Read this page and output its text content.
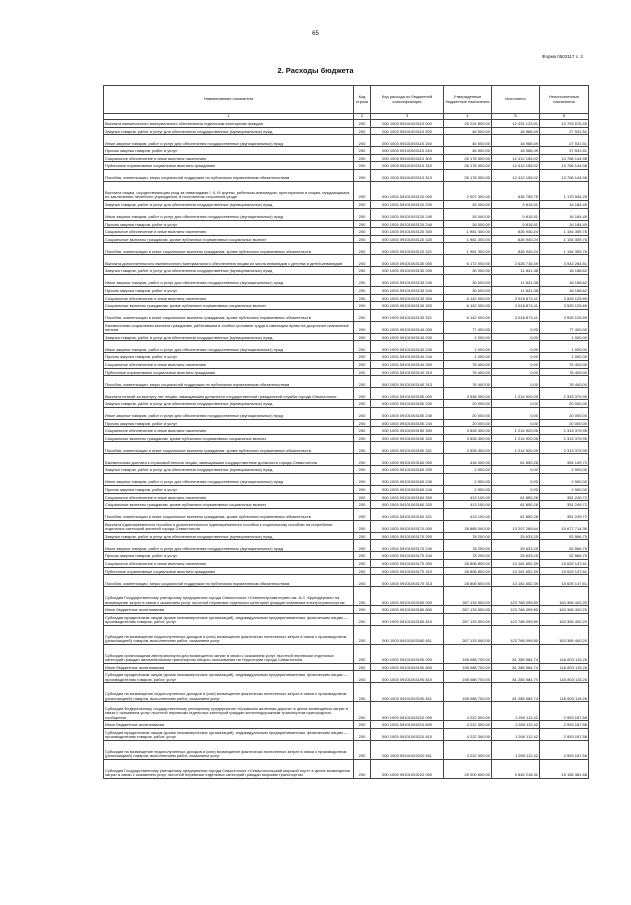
65
Форма 0503117 с. 2
2. Расходы бюджета
Наименование показателя	Код строки	Код расхода по бюджетной классификации	Утвержденные бюджетные назначения	Исполнено	Неисполненные назначения
1	2	3	4	5	6
Выплата ежемесячного материального обеспечения отдельным категориям граждан	200	000 1003 09101003110 000	26 224 800,00	12 431 123,51	13 793 676,49
Закупка товаров, работ и услуг для обеспечения государственных (муниципальных) нужд	200	000 1003 09101003110 200	46 500,00	18 968,49	27 531,51
Иные закупки товаров, работ и услуг для обеспечения государственных (муниципальных) нужд	200	000 1003 09101003110 240	46 500,00	18 968,49	27 531,51
Прочая закупка товаров, работ и услуг	200	000 1003 09101003110 244	46 500,00	18 968,49	27 531,51
Социальное обеспечение и иные выплаты населению	200	000 1003 09101003110 300	26 178 300,00	12 412 155,02	13 766 144,98
Публичные нормативные социальные выплаты гражданам	200	000 1003 09101003110 310	26 178 300,00	12 412 155,02	13 766 144,98
Пособия, компенсации, меры социальной поддержки по публичным нормативным обязательствам	200	000 1003 09101003110 313	26 178 300,00	12 412 155,02	13 766 144,98
Выплата лицам, осуществляющим уход за инвалидами I, II, III группы, ребенком-инвалидом, престарелым и лицам, нуждающимся, по заключению лечебного учреждения, в постоянном стороннем уходе	200	000 1003 09101003120 000	2 007 300,00	836 755,75	1 170 544,25
Закупка товаров, работ и услуг для обеспечения государственных (муниципальных) нужд	200	000 1003 09101003120 200	26 000,00	9 815,51	16 184,49
Иные закупки товаров, работ и услуг для обеспечения государственных (муниципальных) нужд	200	000 1003 09101003120 240	26 000,00	9 815,51	16 184,49
Прочая закупка товаров, работ и услуг	200	000 1003 09101003120 244	26 000,00	9 815,51	16 184,49
Социальное обеспечение и иные выплаты населению	200	000 1003 09101003120 300	1 981 300,00	826 940,24	1 154 359,76
Социальные выплаты гражданам, кроме публичных нормативных социальных выплат	200	000 1003 09101003120 320	1 981 300,00	826 940,24	1 154 359,76
Пособия, компенсации и иные социальные выплаты гражданам, кроме публичных нормативных обязательств	200	000 1003 09101003120 321	1 981 300,00	826 940,24	1 154 359,76
Выплата дополнительного ежемесячного материального обеспечения лицам из числа инвалидов с детства и детей-инвалидов	200	000 1003 09101003130 000	6 172 000,00	2 628 715,49	3 543 284,51
Закупка товаров, работ и услуг для обеспечения государственных (муниципальных) нужд	200	000 1003 09101003130 200	30 000,00	11 841,38	18 158,62
Иные закупки товаров, работ и услуг для обеспечения государственных (муниципальных) нужд	200	000 1003 09101003130 240	30 000,00	11 841,38	18 158,62
Прочая закупка товаров, работ и услуг	200	000 1003 09101003130 244	30 000,00	11 841,38	18 158,62
Социальное обеспечение и иные выплаты населению	200	000 1003 09101003130 300	6 142 000,00	2 616 874,11	3 525 125,89
Социальные выплаты гражданам, кроме публичных нормативных социальных выплат	200	000 1003 09101003130 320	6 142 000,00	2 616 874,11	3 525 125,89
Пособия, компенсации и иные социальные выплаты гражданам, кроме публичных нормативных обязательств	200	000 1003 09101003130 321	6 142 000,00	2 616 874,11	3 525 125,89
Ежемесячная социальная выплата гражданам, работавшим в особых условиях труда и имеющим право на досрочное назначение пенсии	200	000 1003 09101003140 000	77 400,00	0,00	77 400,00
Закупка товаров, работ и услуг для обеспечения государственных (муниципальных) нужд	200	000 1003 09101003140 200	1 000,00	0,00	1 000,00
Иные закупки товаров, работ и услуг для обеспечения государственных (муниципальных) нужд	200	000 1003 09101003140 240	1 000,00	0,00	1 000,00
Прочая закупка товаров, работ и услуг	200	000 1003 09101003140 244	1 000,00	0,00	1 000,00
Социальное обеспечение и иные выплаты населению	200	000 1003 09101003140 300	76 400,00	0,00	76 400,00
Публичные нормативные социальные выплаты гражданам	200	000 1003 09101003140 310	76 400,00	0,00	76 400,00
Пособия, компенсации, меры социальной поддержки по публичным нормативным обязательствам	200	000 1003 09101003140 313	76 400,00	0,00	76 400,00
Выплата пенсий за выслугу лет лицам, замещавшим должности государственной гражданской службы города Севастополя	200	000 1003 09101003150 000	3 548 300,00	1 214 920,05	2 333 379,95
Закупка товаров, работ и услуг для обеспечения государственных (муниципальных) нужд	200	000 1003 09101003150 200	20 000,00	0,00	20 000,00
Иные закупки товаров, работ и услуг для обеспечения государственных (муниципальных) нужд	200	000 1003 09101003150 240	20 000,00	0,00	20 000,00
Прочая закупка товаров, работ и услуг	200	000 1003 09101003150 244	20 000,00	0,00	20 000,00
Социальное обеспечение и иные выплаты населению	200	000 1003 09101003150 300	3 528 300,00	1 214 920,05	2 313 379,95
Социальные выплаты гражданам, кроме публичных нормативных социальных выплат	200	000 1003 09101003150 320	3 528 300,00	1 214 920,05	2 313 379,95
Пособия, компенсации и иные социальные выплаты гражданам, кроме публичных нормативных обязательств	200	000 1003 09101003150 321	3 528 300,00	1 214 920,05	2 313 379,95
Ежемесячная доплата к страховой пенсии лицам, замещавшим государственные должности города Севастополя	200	000 1003 09101003160 000	416 000,00	61 850,28	354 149,72
Закупка товаров, работ и услуг для обеспечения государственных (муниципальных) нужд	200	000 1003 09101003160 200	2 900,00	0,00	2 900,00
Иные закупки товаров, работ и услуг для обеспечения государственных (муниципальных) нужд	200	000 1003 09101003160 240	2 900,00	0,00	2 900,00
Прочая закупка товаров, работ и услуг	200	000 1003 09101003160 244	2 900,00	0,00	2 900,00
Социальное обеспечение и иные выплаты населению	200	000 1003 09101003160 300	413 100,00	61 850,28	351 249,72
Социальные выплаты гражданам, кроме публичных нормативных социальных выплат	200	000 1003 09101003160 320	413 100,00	61 850,28	351 249,72
Пособия, компенсации и иные социальные выплаты гражданам, кроме публичных нормативных обязательств	200	000 1003 09101003160 321	413 100,00	61 850,28	351 249,72
Выплата единовременного пособия и дополнительного единовременного пособия к социальному пособию на погребение отдельных категорий жителей города Севастополя	200	000 1003 09101003170 000	28 885 000,00	13 207 285,64	15 677 714,36
Закупка товаров, работ и услуг для обеспечения государственных (муниципальных) нужд	200	000 1003 09101003170 200	78 200,00	25 633,25	52 566,75
Иные закупки товаров, работ и услуг для обеспечения государственных (муниципальных) нужд	200	000 1003 09101003170 240	78 200,00	25 633,25	52 566,75
Прочая закупка товаров, работ и услуг	200	000 1003 09101003170 244	78 200,00	25 633,25	52 566,75
Социальное обеспечение и иные выплаты населению	200	000 1003 09101003170 300	28 806 800,00	13 181 652,39	15 625 147,61
Публичные нормативные социальные выплаты гражданам	200	000 1003 09101003170 310	28 806 800,00	13 181 652,39	15 625 147,61
Пособия, компенсации, меры социальной поддержки по публичным нормативным обязательствам	200	000 1003 09101003170 313	28 806 800,00	13 181 652,39	15 625 147,61
Субсидия Государственному унитарному предприятию города Севастополя «Севэлектроавтотранс им. А.С. Круподерова» на возмещение затрат в связи с оказанием услуг льготной перевозки отдельных категорий граждан наземным электротранспортом	200	000 1003 09101003180 000	287 133 500,00	123 768 099,80	163 365 400,20
Иные бюджетные ассигнования	200	000 1003 09101003180 800	287 133 500,00	123 768 099,80	163 365 400,20
Субсидии юридическим лицам (кроме некоммерческих организаций), индивидуальным предпринимателям, физическим лицам — производителям товаров, работ, услуг	200	000 1003 09101003180 810	287 133 500,00	123 768 099,80	163 365 400,20
Субсидии на возмещение недополученных доходов и (или) возмещение фактически понесенных затрат в связи с производством (реализацией) товаров, выполнением работ, оказанием услуг	200	000 1003 09101003180 811	287 133 500,00	123 768 099,80	163 365 400,20
Субсидия организациям автотранспорта для возмещения затрат в связи с оказанием услуг льготной перевозки отдельных категорий граждан автомобильным транспортом общего пользования на территории города Севастополя	200	000 1003 09101003190 000	198 088 700,00	81 285 584,74	116 803 115,26
Иные бюджетные ассигнования	200	000 1003 09101003190 800	198 088 700,00	81 285 584,74	116 803 115,26
Субсидии юридическим лицам (кроме некоммерческих организаций), индивидуальным предпринимателям, физическим лицам — производителям товаров, работ, услуг	200	000 1003 09101003190 810	198 088 700,00	81 285 584,74	116 803 115,26
Субсидии на возмещение недополученных доходов и (или) возмещение фактически понесенных затрат в связи с производством (реализацией) товаров, выполнением работ, оказанием услуг	200	000 1003 09101003190 811	198 088 700,00	81 285 584,74	116 803 115,26
Субсидия Федеральному государственному унитарному предприятию «Крымская железная дорога» в целях возмещения затрат в связи с оказанием услуг льготной перевозки отдельных категорий граждан железнодорожным транспортом пригородного сообщения	200	000 1003 09101003210 000	4 222 300,00	1 269 112,42	2 953 187,58
Иные бюджетные ассигнования	200	000 1003 09101003210 800	4 222 300,00	1 269 112,42	2 953 187,58
Субсидии юридическим лицам (кроме некоммерческих организаций), индивидуальным предпринимателям, физическим лицам — производителям товаров, работ, услуг	200	000 1003 09101003210 810	4 222 300,00	1 269 112,42	2 953 187,58
Субсидии на возмещение недополученных доходов и (или) возмещение фактически понесенных затрат в связи с производством (реализацией) товаров, выполнением работ, оказанием услуг	200	000 1003 09101003210 811	4 222 300,00	1 269 112,42	2 953 187,58
Субсидия Государственному унитарному предприятию города Севастополя «Севастопольский морской порт» в целях возмещения затрат в связи с оказанием услуг льготной перевозки отдельных категорий граждан морским транспортом	200	000 1003 09101003220 000	25 000 600,00	9 845 218,32	15 155 381,68
